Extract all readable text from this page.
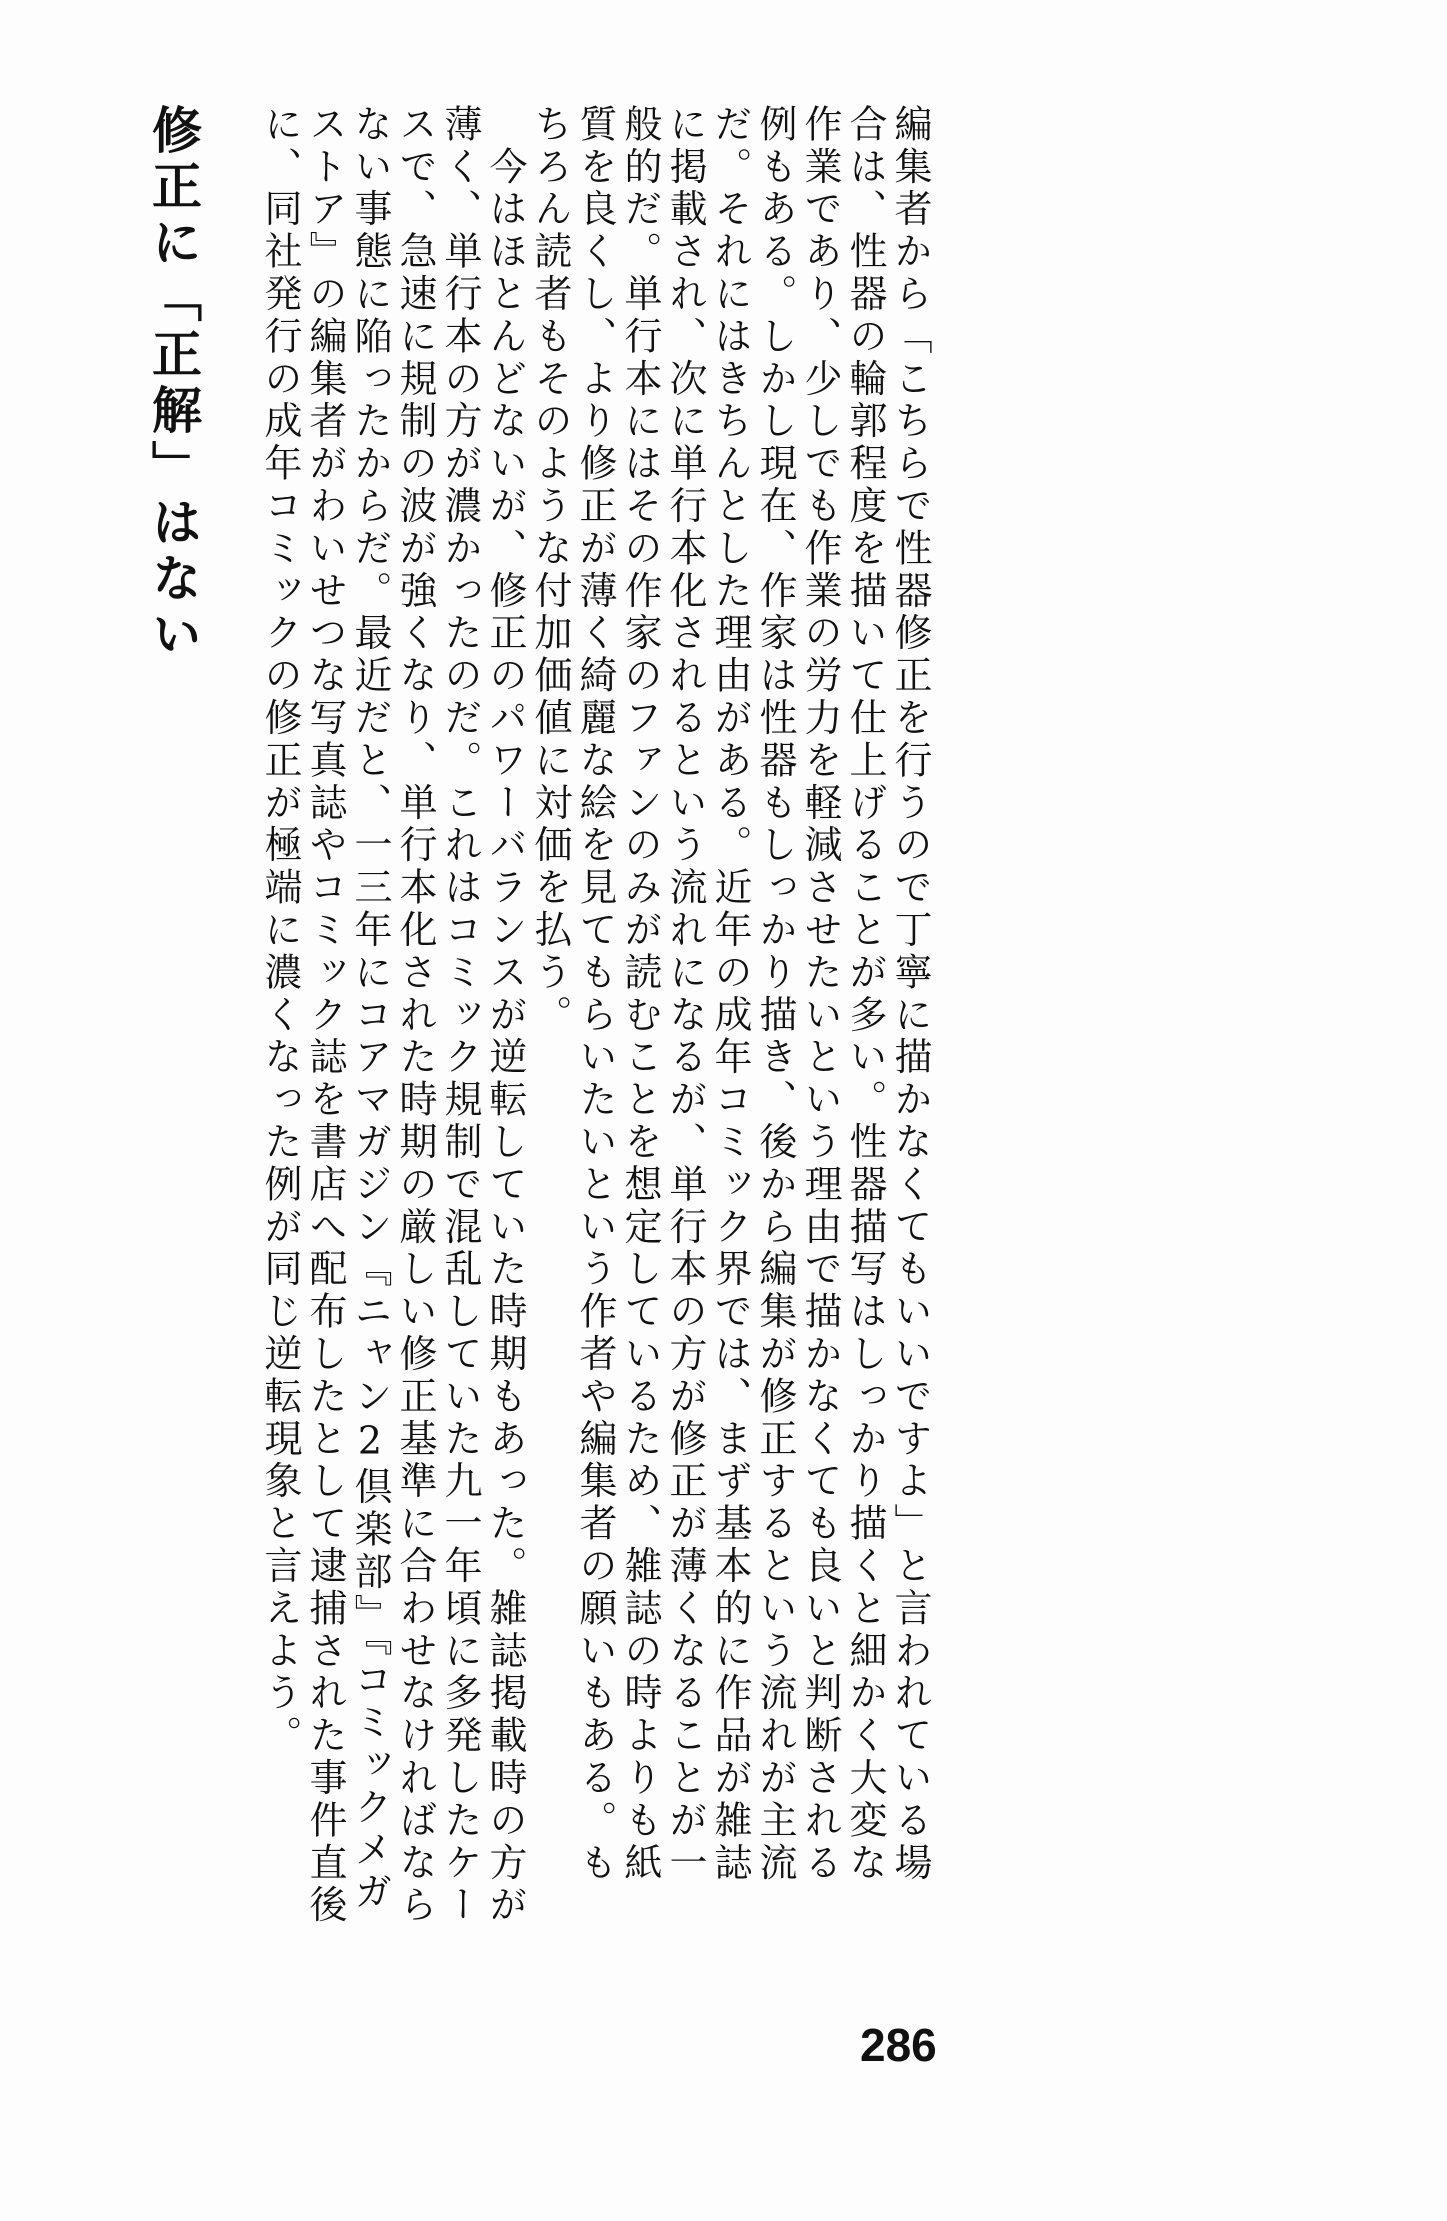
編集者から「こちらで性器修正を行うので丁寧に描かなくてもいいですよ」と言われている場
合は、性器の輪郭程度を描いて仕上げることが多い。性器描写はしっかり描くと細かく大変な
作業であり、少しでも作業の労力を軽減させたいという理由で描かなくても良いと判断される
例もある。しかし現在、作家は性器もしっかり描き、後から編集が修正するという流れが主流
だ。それにはきちんとした理由がある。近年の成年コミック界では、まず基本的に作品が雑誌
に掲載され、次に単行本化されるという流れになるが、単行本の方が修正が薄くなることが一
般的だ。単行本にはその作家のファンのみが読むことを想定しているため、雑誌の時よりも紙
質を良くし、より修正が薄く綺麗な絵を見てもらいたいという作者や編集者の願いもある。も
ちろん読者もそのような付加価値に対価を払う。
　今はほとんどないが、修正のパワーバランスが逆転していた時期もあった。雑誌掲載時の方が
薄く、単行本の方が濃かったのだ。これはコミック規制で混乱していた九一年頃に多発したケー
スで、急速に規制の波が強くなり、単行本化された時期の厳しい修正基準に合わせなければなら
ない事態に陥ったからだ。最近だと、一三年にコアマガジン『ニャン2倶楽部』『コミックメガ
ストア』の編集者がわいせつな写真誌やコミック誌を書店へ配布したとして逮捕された事件直後
に、同社発行の成年コミックの修正が極端に濃くなった例が同じ逆転現象と言えよう。
修正に「正解」はない
286
